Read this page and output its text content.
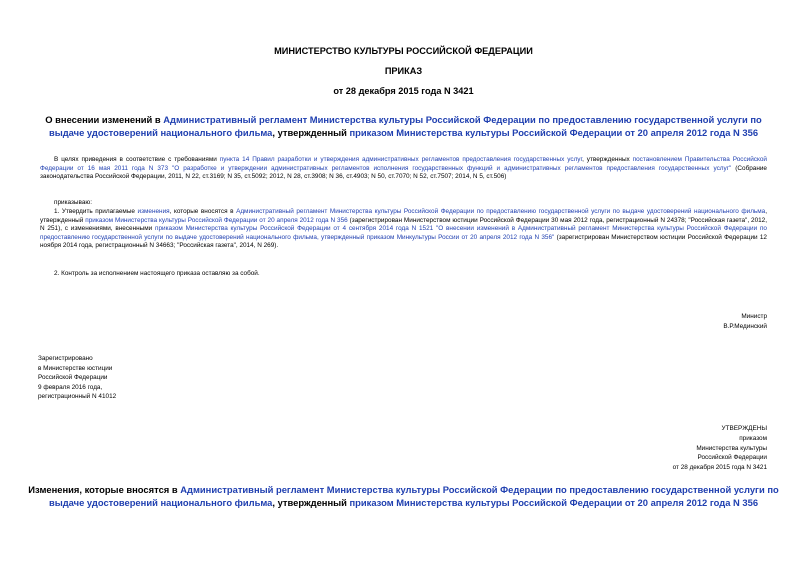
МИНИСТЕРСТВО КУЛЬТУРЫ РОССИЙСКОЙ ФЕДЕРАЦИИ
ПРИКАЗ
от 28 декабря 2015 года N 3421
О внесении изменений в Административный регламент Министерства культуры Российской Федерации по предоставлению государственной услуги по выдаче удостоверений национального фильма, утвержденный приказом Министерства культуры Российской Федерации от 20 апреля 2012 года N 356
В целях приведения в соответствие с требованиями пункта 14 Правил разработки и утверждения административных регламентов предоставления государственных услуг, утвержденных постановлением Правительства Российской Федерации от 16 мая 2011 года N 373 "О разработке и утверждении административных регламентов исполнения государственных функций и административных регламентов предоставления государственных услуг" (Собрание законодательства Российской Федерации, 2011, N 22, ст.3169; N 35, ст.5092; 2012, N 28, ст.3908; N 36, ст.4903; N 50, ст.7070; N 52, ст.7507; 2014, N 5, ст.506)
приказываю:
1. Утвердить прилагаемые изменения, которые вносятся в Административный регламент Министерства культуры Российской Федерации по предоставлению государственной услуги по выдаче удостоверений национального фильма, утвержденный приказом Министерства культуры Российской Федерации от 20 апреля 2012 года N 356 (зарегистрирован Министерством юстиции Российской Федерации 30 мая 2012 года, регистрационный N 24378; "Российская газета", 2012, N 251), с изменениями, внесенными приказом Министерства культуры Российской Федерации от 4 сентября 2014 года N 1521 "О внесении изменений в Административный регламент Министерства культуры Российской Федерации по предоставлению государственной услуги по выдаче удостоверений национального фильма, утвержденный приказом Минкультуры России от 20 апреля 2012 года N 356" (зарегистрирован Министерством юстиции Российской Федерации 12 ноября 2014 года, регистрационный N 34663; "Российская газета", 2014, N 269).
2. Контроль за исполнением настоящего приказа оставляю за собой.
Министр
В.Р.Мединский
Зарегистрировано
в Министерстве юстиции
Российской Федерации
9 февраля 2016 года,
регистрационный N 41012
УТВЕРЖДЕНЫ
приказом
Министерства культуры
Российской Федерации
от 28 декабря 2015 года N 3421
Изменения, которые вносятся в Административный регламент Министерства культуры Российской Федерации по предоставлению государственной услуги по выдаче удостоверений национального фильма, утвержденный приказом Министерства культуры Российской Федерации от 20 апреля 2012 года N 356
